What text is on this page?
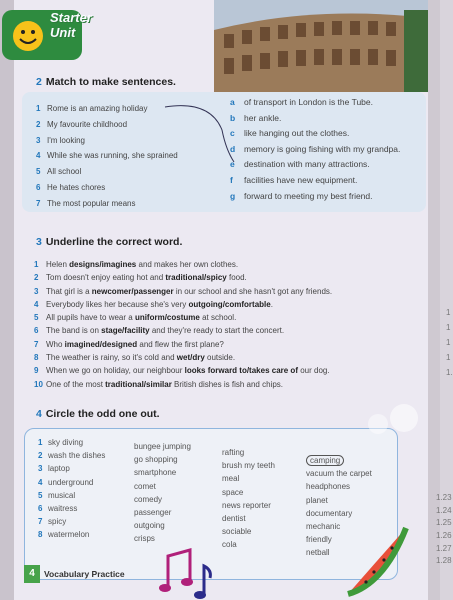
Starter
Unit
2 Match to make sentences.
1 Rome is an amazing holiday
2 My favourite childhood
3 I'm looking
4 While she was running, she sprained
5 All school
6 He hates chores
7 The most popular means
a of transport in London is the Tube.
b her ankle.
c like hanging out the clothes.
d memory is going fishing with my grandpa.
e destination with many attractions.
f facilities have new equipment.
g forward to meeting my best friend.
3 Underline the correct word.
1 Helen designs/imagines and makes her own clothes.
2 Tom doesn't enjoy eating hot and traditional/spicy food.
3 That girl is a newcomer/passenger in our school and she hasn't got any friends.
4 Everybody likes her because she's very outgoing/comfortable.
5 All pupils have to wear a uniform/costume at school.
6 The band is on stage/facility and they're ready to start the concert.
7 Who imagined/designed and flew the first plane?
8 The weather is rainy, so it's cold and wet/dry outside.
9 When we go on holiday, our neighbour looks forward to/takes care of our dog.
10 One of the most traditional/similar British dishes is fish and chips.
1
1
1
1
1.
4 Circle the odd one out.
1 sky diving
2 wash the dishes
3 laptop
4 underground
5 musical
6 waitress
7 spicy
8 watermelon
bungee jumping
go shopping
smartphone
comet
comedy
passenger
outgoing
crisps
rafting
brush my teeth
meal
space
news reporter
dentist
sociable
cola
camping
vacuum the carpet
headphones
planet
documentary
mechanic
friendly
netball
4	Vocabulary Practice
1.23
1.24
1.25
1.26
1.27
1.28
